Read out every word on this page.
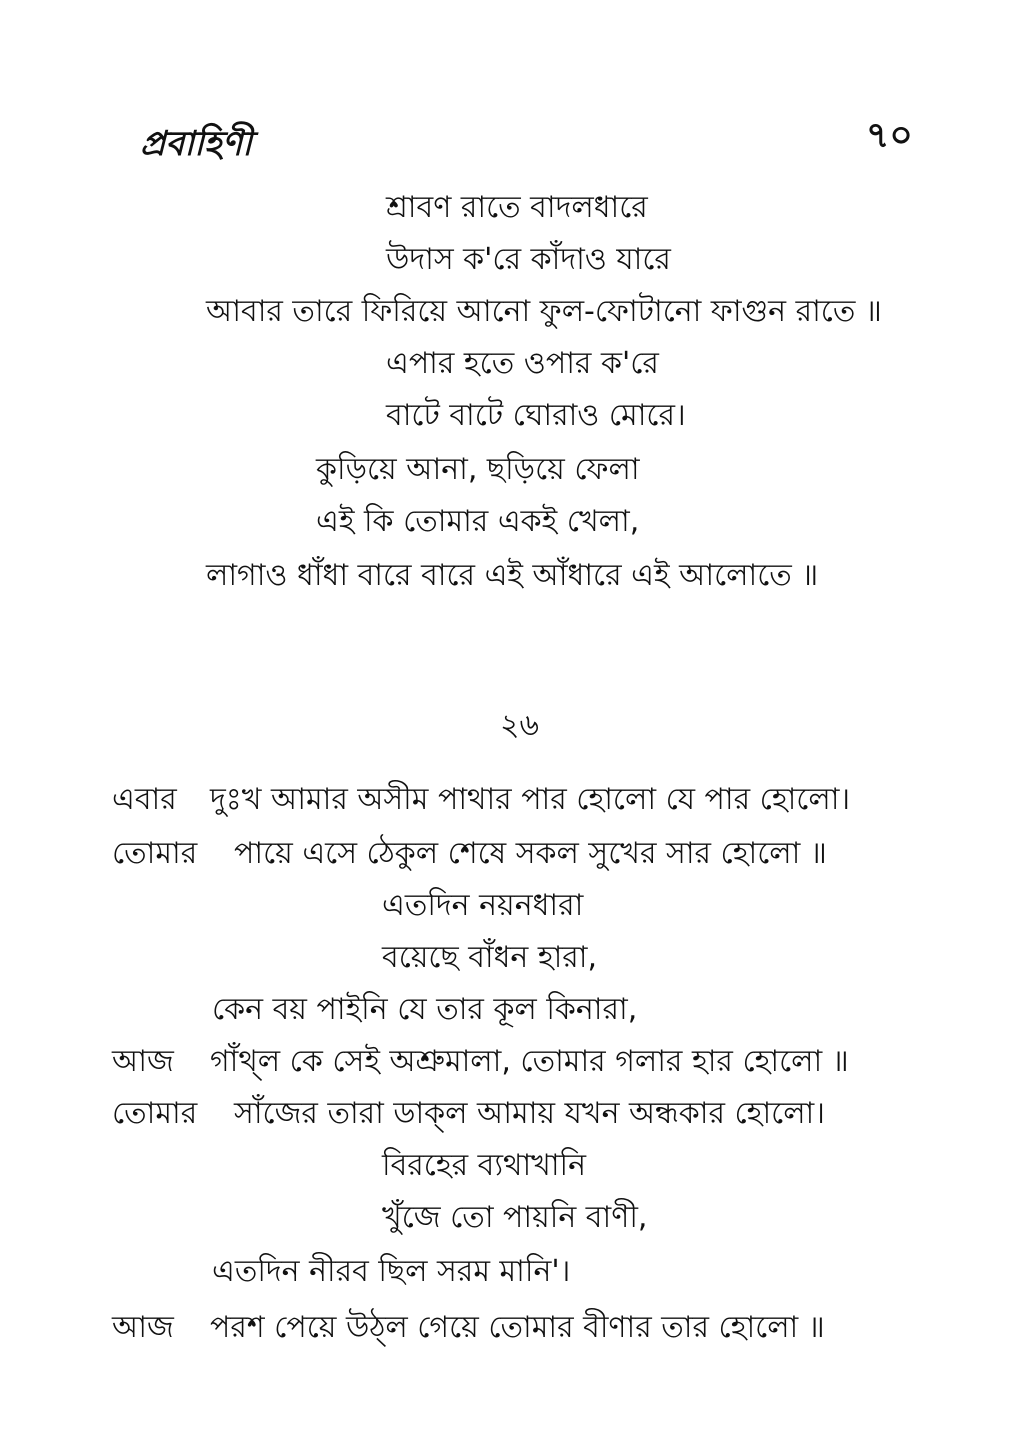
প্রবাহিণী	৭০
শ্রাবণ রাতে বাদলধারে
উদাস ক'রে কাঁদাও যারে
আবার তারে ফিরিয়ে আনো ফুল-ফোটানো ফাগুন রাতে ॥
এপার হতে ওপার ক'রে
বাটে বাটে ঘোরাও মোরে।
কুড়িয়ে আনা, ছড়িয়ে ফেলা
এই কি তোমার একই খেলা,
লাগাও ধাঁধা বারে বারে এই আঁধারে এই আলোতে ॥
২৬
এবার দুঃখ আমার অসীম পাথার পার হোলো যে পার হোলো।
তোমার পায়ে এসে ঠেকুল শেষে সকল সুখের সার হোলো ॥
এতদিন নয়নধারা
বয়েছে বাঁধন হারা,
কেন বয় পাইনি যে তার কূল কিনারা,
আজ গাঁথ্ল কে সেই অশ্রুমালা, তোমার গলার হার হোলো ॥
তোমার সাঁজের তারা ডাক্‌ল আমায় যখন অন্ধকার হোলো।
বিরহের ব্যথাখানি
খুঁজে তো পায়নি বাণী,
এতদিন নীরব ছিল সরম মানি'।
আজ পরশ পেয়ে উঠ্ল গেয়ে তোমার বীণার তার হোলো ॥
